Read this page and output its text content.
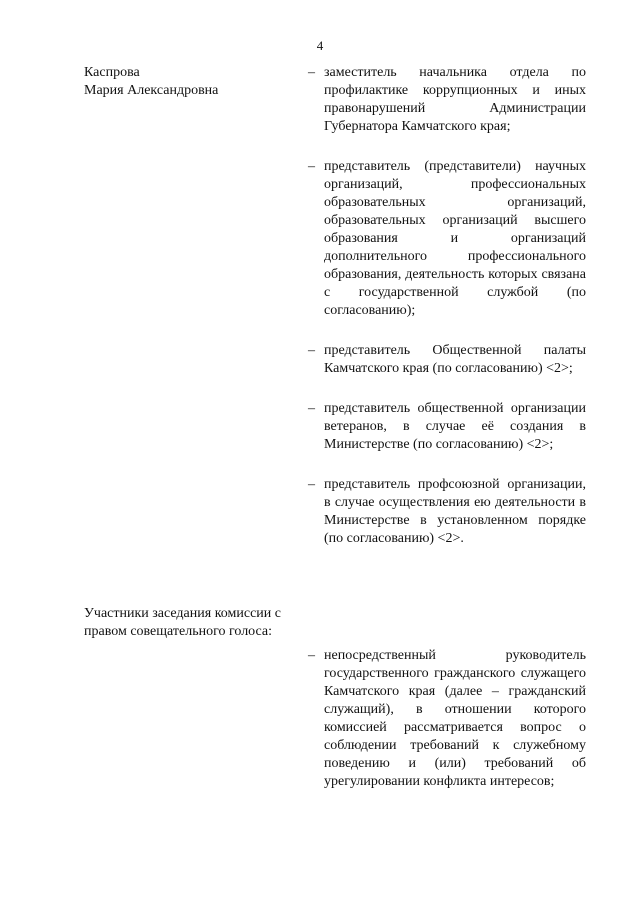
4
Каспрова
Мария Александровна
– заместитель начальника отдела по профилактике коррупционных и иных правонарушений Администрации Губернатора Камчатского края;
– представитель (представители) научных организаций, профессиональных образовательных организаций, образовательных организаций высшего образования и организаций дополнительного профессионального образования, деятельность которых связана с государственной службой (по согласованию);
– представитель Общественной палаты Камчатского края (по согласованию) <2>;
– представитель общественной организации ветеранов, в случае её создания в Министерстве (по согласованию) <2>;
– представитель профсоюзной организации, в случае осуществления ею деятельности в Министерстве в установленном порядке (по согласованию) <2>.
Участники заседания комиссии с правом совещательного голоса:
– непосредственный руководитель государственного гражданского служащего Камчатского края (далее – гражданский служащий), в отношении которого комиссией рассматривается вопрос о соблюдении требований к служебному поведению и (или) требований об урегулировании конфликта интересов;
